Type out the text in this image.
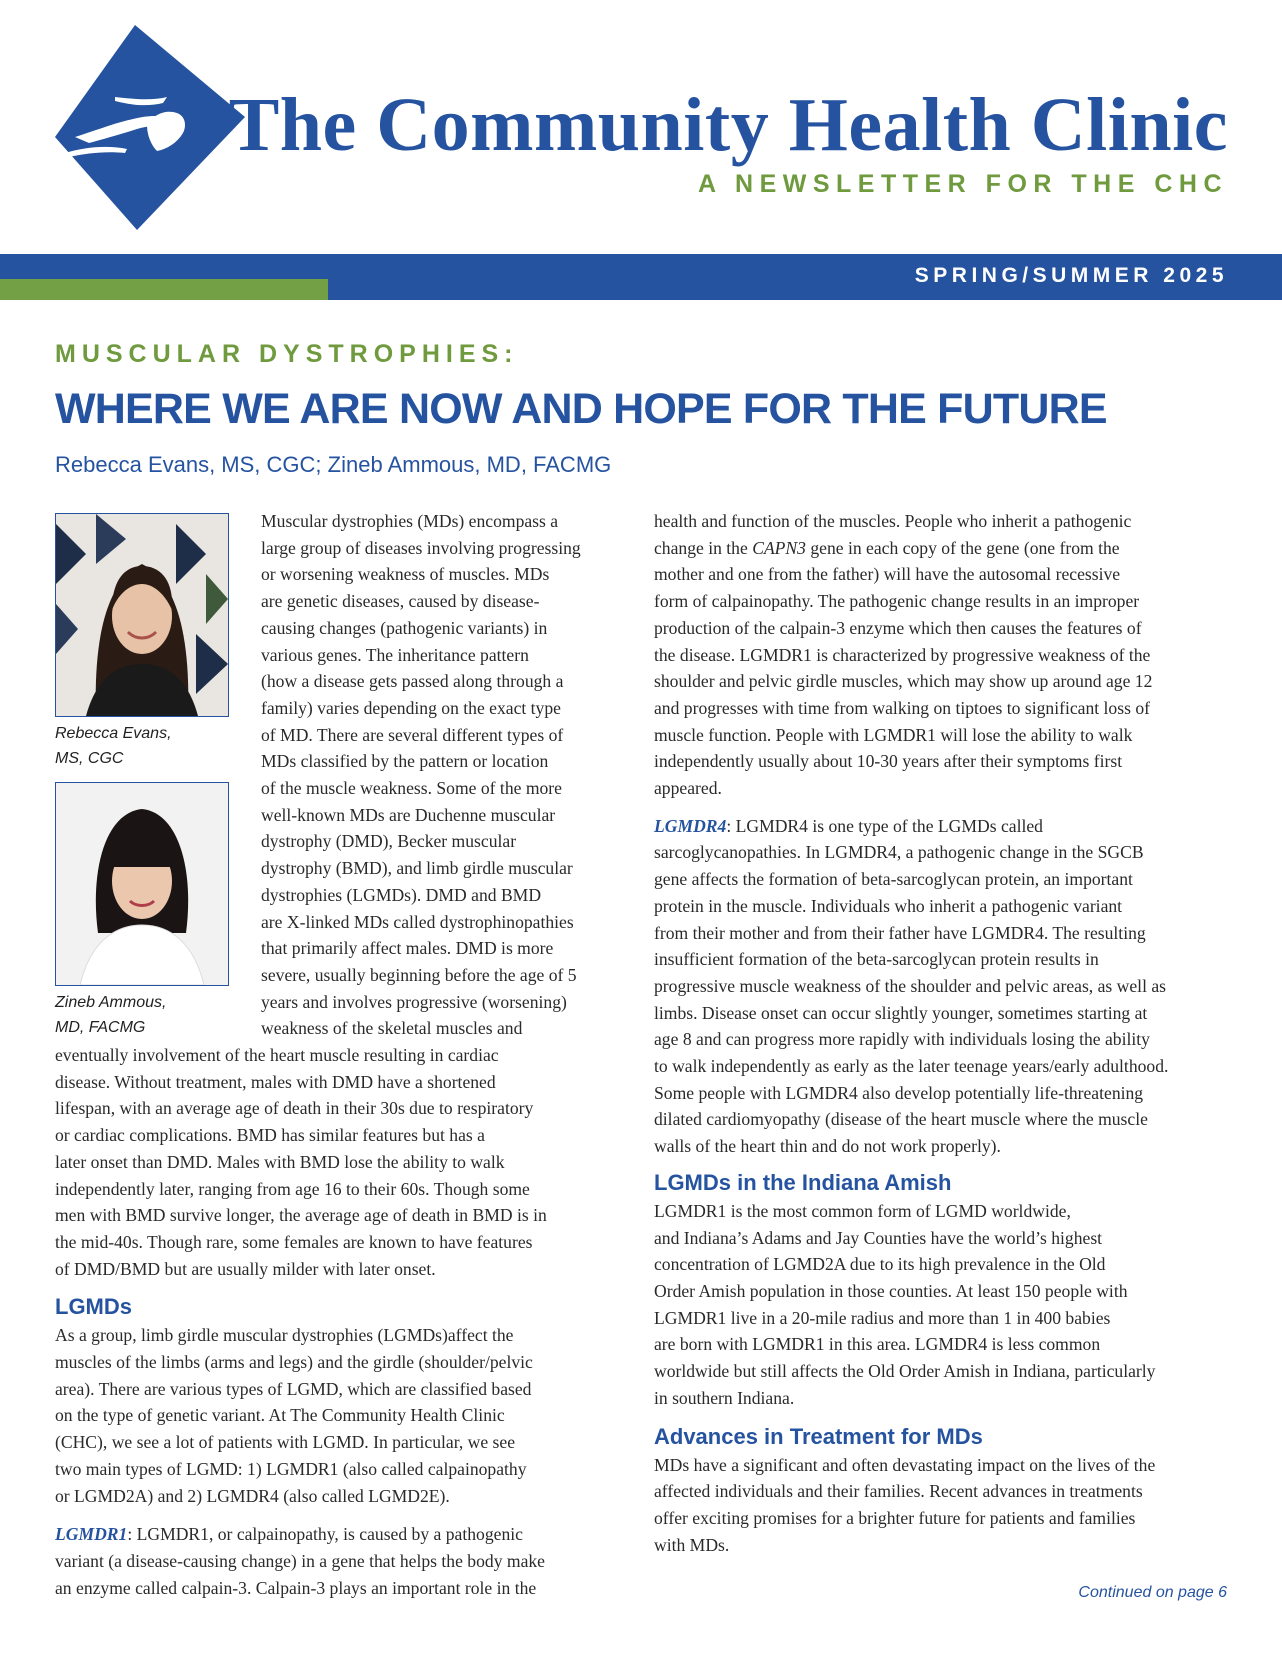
The Community Health Clinic
A NEWSLETTER FOR THE CHC
SPRING/SUMMER 2025
MUSCULAR DYSTROPHIES:
WHERE WE ARE NOW AND HOPE FOR THE FUTURE
Rebecca Evans, MS, CGC; Zineb Ammous, MD, FACMG
Rebecca Evans,
MS, CGC
Zineb Ammous,
MD, FACMG
Muscular dystrophies (MDs) encompass a
large group of diseases involving progressing
or worsening weakness of muscles. MDs
are genetic diseases, caused by disease-
causing changes (pathogenic variants) in
various genes. The inheritance pattern
(how a disease gets passed along through a
family) varies depending on the exact type
of MD. There are several different types of
MDs classified by the pattern or location
of the muscle weakness. Some of the more
well-known MDs are Duchenne muscular
dystrophy (DMD), Becker muscular
dystrophy (BMD), and limb girdle muscular
dystrophies (LGMDs). DMD and BMD
are X-linked MDs called dystrophinopathies
that primarily affect males. DMD is more
severe, usually beginning before the age of 5
years and involves progressive (worsening)
weakness of the skeletal muscles and
eventually involvement of the heart muscle resulting in cardiac
disease. Without treatment, males with DMD have a shortened
lifespan, with an average age of death in their 30s due to respiratory
or cardiac complications. BMD has similar features but has a
later onset than DMD. Males with BMD lose the ability to walk
independently later, ranging from age 16 to their 60s. Though some
men with BMD survive longer, the average age of death in BMD is in
the mid-40s. Though rare, some females are known to have features
of DMD/BMD but are usually milder with later onset.
LGMDs
As a group, limb girdle muscular dystrophies (LGMDs)affect the
muscles of the limbs (arms and legs) and the girdle (shoulder/pelvic
area). There are various types of LGMD, which are classified based
on the type of genetic variant. At The Community Health Clinic
(CHC), we see a lot of patients with LGMD. In particular, we see
two main types of LGMD: 1) LGMDR1 (also called calpainopathy
or LGMD2A) and 2) LGMDR4 (also called LGMD2E).
LGMDR1: LGMDR1, or calpainopathy, is caused by a pathogenic
variant (a disease-causing change) in a gene that helps the body make
an enzyme called calpain-3. Calpain-3 plays an important role in the
health and function of the muscles. People who inherit a pathogenic
change in the CAPN3 gene in each copy of the gene (one from the
mother and one from the father) will have the autosomal recessive
form of calpainopathy. The pathogenic change results in an improper
production of the calpain-3 enzyme which then causes the features of
the disease. LGMDR1 is characterized by progressive weakness of the
shoulder and pelvic girdle muscles, which may show up around age 12
and progresses with time from walking on tiptoes to significant loss of
muscle function. People with LGMDR1 will lose the ability to walk
independently usually about 10-30 years after their symptoms first
appeared.
LGMDR4: LGMDR4 is one type of the LGMDs called
sarcoglycanopathies. In LGMDR4, a pathogenic change in the SGCB
gene affects the formation of beta-sarcoglycan protein, an important
protein in the muscle. Individuals who inherit a pathogenic variant
from their mother and from their father have LGMDR4. The resulting
insufficient formation of the beta-sarcoglycan protein results in
progressive muscle weakness of the shoulder and pelvic areas, as well as
limbs. Disease onset can occur slightly younger, sometimes starting at
age 8 and can progress more rapidly with individuals losing the ability
to walk independently as early as the later teenage years/early adulthood.
Some people with LGMDR4 also develop potentially life-threatening
dilated cardiomyopathy (disease of the heart muscle where the muscle
walls of the heart thin and do not work properly).
LGMDs in the Indiana Amish
LGMDR1 is the most common form of LGMD worldwide,
and Indiana’s Adams and Jay Counties have the world’s highest
concentration of LGMD2A due to its high prevalence in the Old
Order Amish population in those counties. At least 150 people with
LGMDR1 live in a 20-mile radius and more than 1 in 400 babies
are born with LGMDR1 in this area. LGMDR4 is less common
worldwide but still affects the Old Order Amish in Indiana, particularly
in southern Indiana.
Advances in Treatment for MDs
MDs have a significant and often devastating impact on the lives of the
affected individuals and their families. Recent advances in treatments
offer exciting promises for a brighter future for patients and families
with MDs.
Continued on page 6
